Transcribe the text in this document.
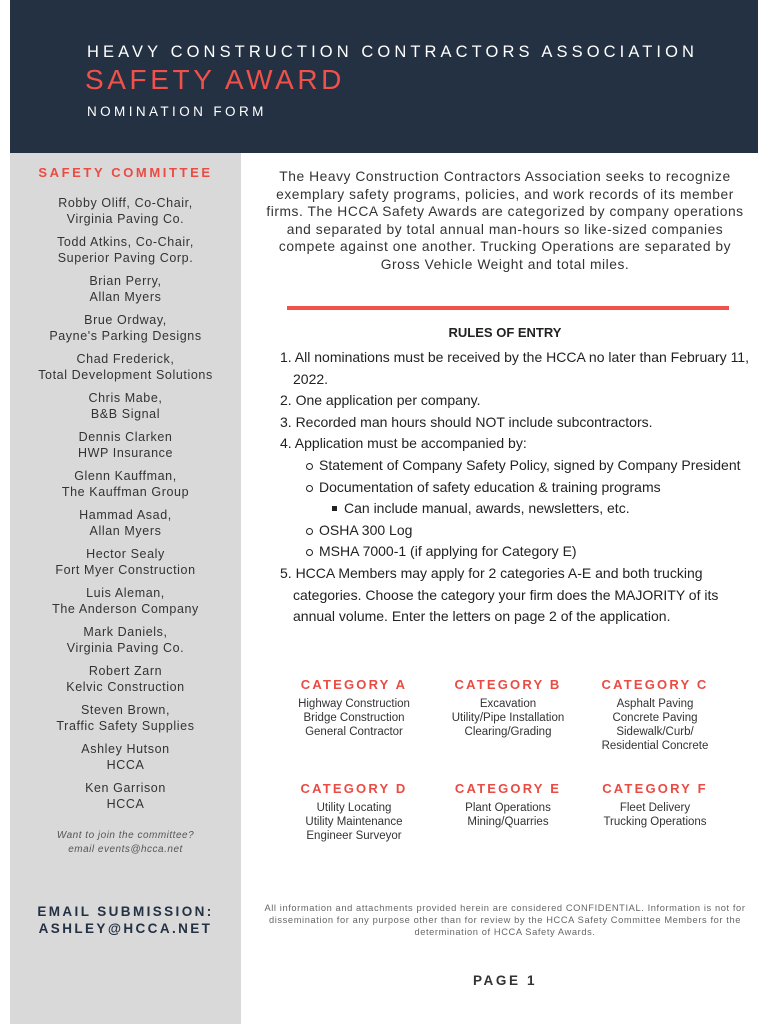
HEAVY CONSTRUCTION CONTRACTORS ASSOCIATION
SAFETY AWARD
NOMINATION FORM
SAFETY COMMITTEE
Robby Oliff, Co-Chair,
Virginia Paving Co.
Todd Atkins, Co-Chair,
Superior Paving Corp.
Brian Perry,
Allan Myers
Brue Ordway,
Payne's Parking Designs
Chad Frederick,
Total Development Solutions
Chris Mabe,
B&B Signal
Dennis Clarken
HWP Insurance
Glenn Kauffman,
The Kauffman Group
Hammad Asad,
Allan Myers
Hector Sealy
Fort Myer Construction
Luis Aleman,
The Anderson Company
Mark Daniels,
Virginia Paving Co.
Robert Zarn
Kelvic Construction
Steven Brown,
Traffic Safety Supplies
Ashley Hutson
HCCA
Ken Garrison
HCCA
Want to join the committee?
email events@hcca.net
EMAIL SUBMISSION:
ASHLEY@HCCA.NET
The Heavy Construction Contractors Association seeks to recognize exemplary safety programs, policies, and work records of its member firms. The HCCA Safety Awards are categorized by company operations and separated by total annual man-hours so like-sized companies compete against one another. Trucking Operations are separated by Gross Vehicle Weight and total miles.
RULES OF ENTRY

1. All nominations must be received by the HCCA no later than February 11, 2022.

2. One application per company.

3. Recorded man hours should NOT include subcontractors.

4. Application must be accompanied by:

Statement of Company Safety Policy, signed by Company President

Documentation of safety education & training programs

Can include manual, awards, newsletters, etc.

OSHA 300 Log

MSHA 7000-1 (if applying for Category E)

5. HCCA Members may apply for 2 categories A-E and both trucking categories. Choose the category your firm does the MAJORITY of its annual volume. Enter the letters on page 2 of the application.

CATEGORY A
Highway Construction
Bridge Construction
General Contractor
CATEGORY B
Excavation
Utility/Pipe Installation
Clearing/Grading
CATEGORY C
Asphalt Paving
Concrete Paving
Sidewalk/Curb/
Residential Concrete
CATEGORY D
Utility Locating
Utility Maintenance
Engineer Surveyor
CATEGORY E
Plant Operations
Mining/Quarries
CATEGORY F
Fleet Delivery
Trucking Operations
All information and attachments provided herein are considered CONFIDENTIAL. Information is not for dissemination for any purpose other than for review by the HCCA Safety Committee Members for the determination of HCCA Safety Awards.
PAGE 1
